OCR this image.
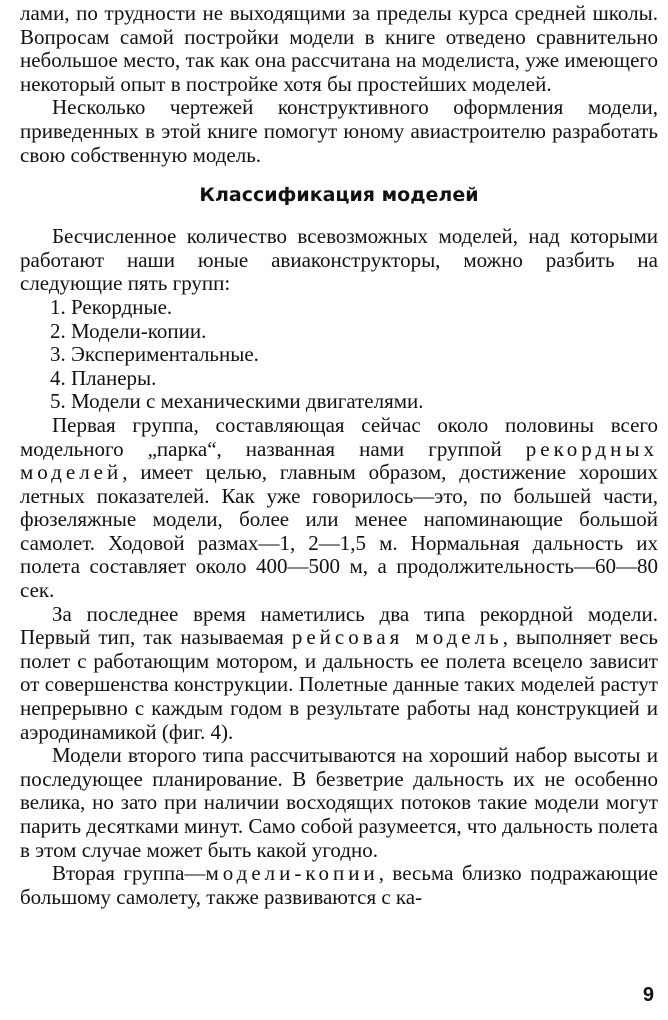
лами, по трудности не выходящими за пределы курса средней школы. Вопросам самой постройки модели в книге отведено сравнительно небольшое место, так как она рассчитана на моделиста, уже имеющего некоторый опыт в постройке хотя бы простейших моделей.

Несколько чертежей конструктивного оформления модели, приведенных в этой книге помогут юному авиастроителю разработать свою собственную модель.

Классификация моделей

Бесчисленное количество всевозможных моделей, над которыми работают наши юные авиаконструкторы, можно разбить на следующие пять групп:

1. Рекордные.
2. Модели-копии.
3. Экспериментальные.
4. Планеры.
5. Модели с механическими двигателями.

Первая группа, составляющая сейчас около половины всего модельного „парка“, названная нами группой рекордных моделей, имеет целью, главным образом, достижение хороших летных показателей. Как уже говорилось—это, по большей части, фюзеляжные модели, более или менее напоминающие большой самолет. Ходовой размах—1, 2—1,5 м. Нормальная дальность их полета составляет около 400—500 м, а продолжительность—60—80 сек.

За последнее время наметились два типа рекордной модели. Первый тип, так называемая рейсовая модель, выполняет весь полет с работающим мотором, и дальность ее полета всецело зависит от совершенства конструкции. Полетные данные таких моделей растут непрерывно с каждым годом в результате работы над конструкцией и аэродинамикой (фиг. 4).

Модели второго типа рассчитываются на хороший набор высоты и последующее планирование. В безветрие дальность их не особенно велика, но зато при наличии восходящих потоков такие модели могут парить десятками минут. Само собой разумеется, что дальность полета в этом случае может быть какой угодно.

Вторая группа—модели-копии, весьма близко подражающие большому самолету, также развиваются с ка-

9
